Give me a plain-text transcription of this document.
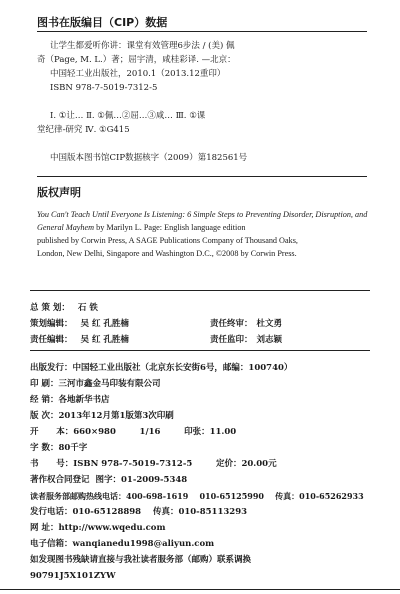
图书在版编目（CIP）数据
让学生都爱听你讲：课堂有效管理6步法 / (美) 佩
奇（Page, M. L.）著；屈宇清，咸桂彩译. —北京：
中国轻工业出版社，2010.1（2013.12重印）
ISBN 978-7-5019-7312-5
Ⅰ. ①让… Ⅱ. ①佩…②屈…③咸… Ⅲ. ①课
堂纪律-研究 Ⅳ. ①G415
中国版本图书馆CIP数据核字（2009）第182561号
版权声明
You Can't Teach Until Everyone Is Listening: 6 Simple Steps to Preventing Disorder, Disruption, and General Mayhem by Marilyn L. Page: English language edition
published by Corwin Press, A SAGE Publications Company of Thousand Oaks,
London, New Delhi, Singapore and Washington D.C., ©2008 by Corwin Press.
总 策 划： 石 铁
策划编辑： 吴 红 孔胜楠	责任终审： 杜文勇
责任编辑： 吴 红 孔胜楠	责任监印： 刘志颖
出版发行：中国轻工业出版社（北京东长安街6号，邮编：100740）
印 刷：三河市鑫金马印装有限公司
经 销：各地新华书店
版 次：2013年12月第1版第3次印刷
开      本：660×980        1/16        印张：11.00
字 数：80千字
书      号：ISBN 978-7-5019-7312-5        定价：20.00元
著作权合同登记 图字：01-2009-5348
读者服务部邮购热线电话：400-698-1619    010-65125990    传真：010-65262933
发行电话：010-65128898    传真：010-85113293
网 址：http://www.wqedu.com
电子信箱：wanqianedu1998@aliyun.com
如发现图书残缺请直接与我社读者服务部（邮购）联系调换
90791J5X101ZYW
